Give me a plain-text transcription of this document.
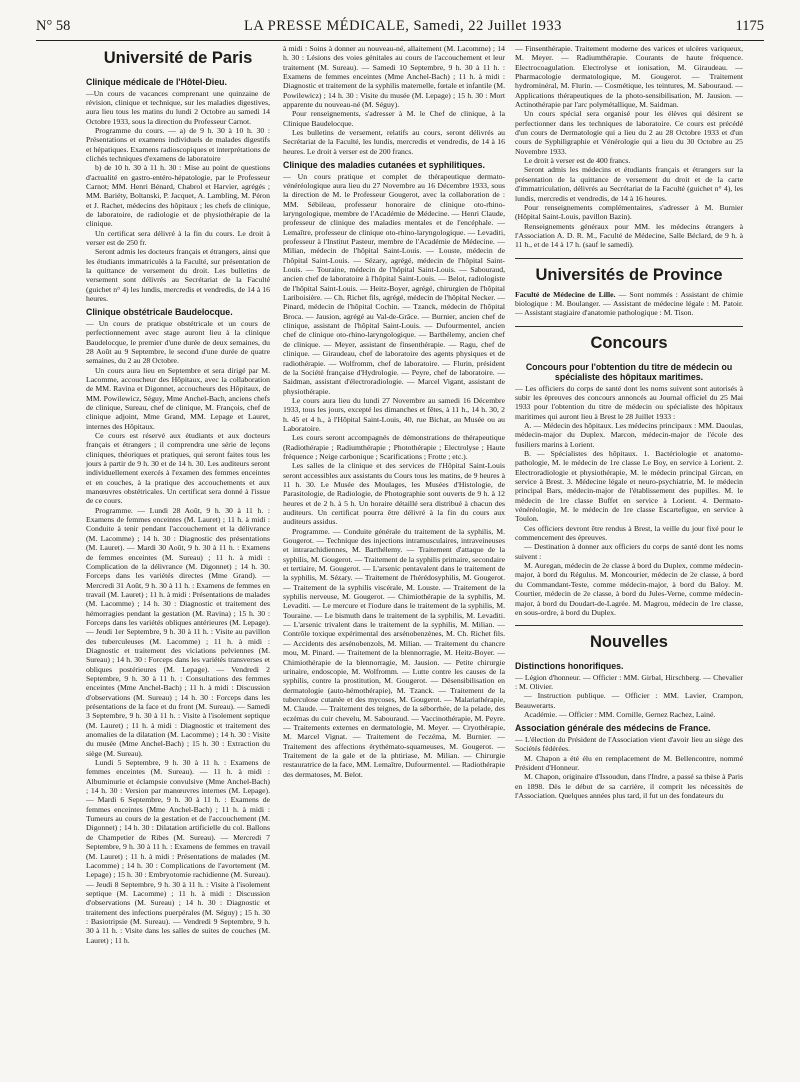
N° 58	LA PRESSE MÉDICALE, Samedi, 22 Juillet 1933	1175
Université de Paris
Clinique médicale de l'Hôtel-Dieu.

—Un cours de vacances comprenant une quinzaine de révision, clinique et technique, sur les maladies digestives, aura lieu tous les matins du lundi 2 Octobre au samedi 14 Octobre 1933, sous la direction du Professeur Carnot.

Programme du cours. — a) de 9 h. 30 à 10 h. 30 : Présentations et examens individuels de malades digestifs et hépatiques. Examens radioscopiques et interprétations de clichés techniques d'examens de laboratoire

b) de 10 h. 30 à 11 h. 30 : Mise au point de questions d'actualité en gastro-entéro-hépatologie, par le Professeur Carnot; MM. Henri Bénard, Chabrol et Harvier, agrégés ; MM. Bariéty, Boltanski, P. Jacquet, A. Lambling, M. Péron et J. Rachet, médecins des hôpitaux ; les chefs de clinique, de laboratoire, de radiologie et de physiothérapie de la clinique.

Un certificat sera délivré à la fin du cours. Le droit à verser est de 250 fr.

Seront admis les docteurs français et étrangers, ainsi que les étudiants immatriculés à la Faculté, sur présentation de la quittance de versement du droit. Les bulletins de versement sont délivrés au Secrétariat de la Faculté (guichet n° 4) les lundis, mercredis et vendredis, de 14 à 16 heures.

Clinique obstétricale Baudelocque.

— Un cours de pratique obstétricale et un cours de perfectionnement avec stage auront lieu à la clinique Baudelocque, le premier d'une durée de deux semaines, du 28 Août au 9 Septembre, le second d'une durée de quatre semaines, du 2 au 28 Octobre.

Un cours aura lieu en Septembre et sera dirigé par M. Lacomme, accoucheur des Hôpitaux, avec la collaboration de MM. Ravina et Digonnet, accoucheurs des Hôpitaux, de MM. Powilewicz, Séguy, Mme Anchel-Bach, anciens chefs de clinique, Sureau, chef de clinique, M. François, chef de clinique adjoint, Mme Grand, MM. Lepage et Lauret, internes des Hôpitaux.

Ce cours est réservé aux étudiants et aux docteurs français et étrangers ; il comprendra une série de leçons cliniques, théoriques et pratiques, qui seront faites tous les jours à partir de 9 h. 30 et de 14 h. 30. Les auditeurs seront individuellement exercés à l'examen des femmes enceintes et en couches, à la pratique des accouchements et aux manœuvres obstétricales. Un certificat sera donné à l'issue de ce cours.

Programme. — Lundi 28 Août, 9 h. 30 à 11 h. : Examens de femmes enceintes (M. Lauret) ; 11 h. à midi : Conduite à tenir pendant l'accouchement et la délivrance (M. Lacomme) ; 14 h. 30 : Diagnostic des présentations (M. Lauret). — Mardi 30 Août, 9 h. 30 à 11 h. : Examens de femmes enceintes (M. Sureau) ; 11 h. à midi : Complication de la délivrance (M. Digonnet) ; 14 h. 30. Forceps dans les variétés directes (Mme Grand). — Mercredi 31 Août, 9 h. 30 à 11 h. : Examens de femmes en travail (M. Lauret) ; 11 h. à midi : Présentations de malades (M. Lacomme) ; 14 h. 30 : Diagnostic et traitement des hémorragies pendant la gestation (M. Ravina) ; 15 h. 30 : Forceps dans les variétés obliques antérieures (M. Lepage). — Jeudi 1er Septembre, 9 h. 30 à 11 h. : Visite au pavillon des tuberculeuses (M. Lacomme) ; 11 h. à midi : Diagnostic et traitement des viciations pelviennes (M. Sureau) ; 14 h. 30 : Forceps dans les variétés transverses et obliques postérieures (M. Lepage). — Vendredi 2 Septembre, 9 h. 30 à 11 h. : Consultations des femmes enceintes (Mme Anchel-Bach) ; 11 h. à midi : Discussion d'observations (M. Sureau) ; 14 h. 30 : Forceps dans les présentations de la face et du front (M. Sureau). — Samedi 3 Septembre, 9 h. 30 à 11 h. : Visite à l'isolement septique (M. Lauret) ; 11 h. à midi : Diagnostic et traitement des anomalies de la dilatation (M. Lacomme) ; 14 h. 30 : Visite du musée (Mme Anchel-Bach) ; 15 h. 30 : Extraction du siège (M. Sureau).

Lundi 5 Septembre, 9 h. 30 à 11 h. : Examens de femmes enceintes (M. Sureau). — 11 h. à midi : Albuminurie et éclampsie convulsive (Mme Anchel-Bach) ; 14 h. 30 : Version par manœuvres internes (M. Lepage). — Mardi 6 Septembre, 9 h. 30 à 11 h. : Examens de femmes enceintes (Mme Anchel-Bach) ; 11 h. à midi : Tumeurs au cours de la gestation et de l'accouchement (M. Digonnet) ; 14 h. 30 : Dilatation artificielle du col. Ballons de Champetier de Ribes (M. Sureau). — Mercredi 7 Septembre, 9 h. 30 à 11 h. : Examens de femmes en travail (M. Lauret) ; 11 h. à midi : Présentations de malades (M. Lacomme) ; 14 h. 30 : Complications de l'avortement (M. Lepage) ; 15 h. 30 : Embryotomie rachidienne (M. Sureau). — Jeudi 8 Septembre, 9 h. 30 à 11 h. : Visite à l'isolement septique (M. Lacomme) ; 11 h. à midi : Discussion d'observations (M. Sureau) ; 14 h. 30 : Diagnostic et traitement des infections puerpérales (M. Séguy) ; 15 h. 30 : Basiotripsie (M. Sureau). — Vendredi 9 Septembre, 9 h. 30 à 11 h. : Visite dans les salles de suites de couches (M. Lauret) ; 11 h.

à midi : Soins à donner au nouveau-né, allaitement (M. Lacomme) ; 14 h. 30 : Lésions des voies génitales au cours de l'accouchement et leur traitement (M. Sureau). — Samedi 10 Septembre, 9 h. 30 à 11 h. : Examens de femmes enceintes (Mme Anchel-Bach) ; 11 h. à midi : Diagnostic et traitement de la syphilis maternelle, fœtale et infantile (M. Powilewicz) ; 14 h. 30 : Visite du musée (M. Lepage) ; 15 h. 30 : Mort apparente du nouveau-né (M. Séguy).

Pour renseignements, s'adresser à M. le Chef de clinique, à la Clinique Baudelocque.

Les bulletins de versement, relatifs au cours, seront délivrés au Secrétariat de la Faculté, les lundis, mercredis et vendredis, de 14 à 16 heures. Le droit à verser est de 200 francs.

Clinique des maladies cutanées et syphilitiques.

— Un cours pratique et complet de thérapeutique dermato-vénéréologique aura lieu du 27 Novembre au 16 Décembre 1933, sous la direction de M. le Professeur Gougerot, avec la collaboration de : MM. Sébileau, professeur honoraire de clinique oto-rhino-laryngologique, membre de l'Académie de Médecine. — Henri Claude, professeur de clinique des maladies mentales et de l'encéphale. — Lemaître, professeur de clinique oto-rhino-laryngologique. — Levaditi, professeur à l'Institut Pasteur, membre de l'Académie de Médecine. — Milian, médecin de l'hôpital Saint-Louis. — Louste, médecin de l'hôpital Saint-Louis. — Sézary, agrégé, médecin de l'hôpital Saint-Louis. — Touraine, médecin de l'hôpital Saint-Louis. — Sabouraud, ancien chef de laboratoire à l'hôpital Saint-Louis. — Belot, radiologiste de l'hôpital Saint-Louis. — Heitz-Boyer, agrégé, chirurgien de l'hôpital Lariboisière. — Ch. Richet fils, agrégé, médecin de l'hôpital Necker. — Pinard, médecin de l'hôpital Cochin. — Tzanck, médecin de l'hôpital Broca. — Jausion, agrégé au Val-de-Grâce. — Burnier, ancien chef de clinique, assistant de l'hôpital Saint-Louis. — Dufourmentel, ancien chef de clinique oto-rhino-laryngologique. — Barthélemy, ancien chef de clinique. — Meyer, assistant de finsenthérapie. — Ragu, chef de clinique. — Giraudeau, chef de laboratoire des agents physiques et de radiothérapie. — Wolfromm, chef de laboratoire. — Flurin, président de la Société française d'Hydrologie. — Peyre, chef de laboratoire. — Saidman, assistant d'électroradiologie. — Marcel Vigant, assistant de physiothérapie.

Le cours aura lieu du lundi 27 Novembre au samedi 16 Décembre 1933, tous les jours, excepté les dimanches et fêtes, à 11 h., 14 h. 30, 2 h. 45 et 4 h., à l'Hôpital Saint-Louis, 40, rue Bichat, au Musée ou au Laboratoire.

Les cours seront accompagnés de démonstrations de thérapeutique (Radiothérapie ; Radiumthérapie ; Photothérapie ; Electrolyse ; Haute fréquence ; Neige carbonique ; Scarifications ; Frotte ; etc.).

Les salles de la clinique et des services de l'Hôpital Saint-Louis seront accessibles aux assistants du Cours tous les matins, de 9 heures à 11 h. 30. Le Musée des Moulages, les Musées d'Histologie, de Parasitologie, de Radiologie, de Photographie sont ouverts de 9 h. à 12 heures et de 2 h. à 5 h. Un horaire détaillé sera distribué à chacun des auditeurs. Un certificat pourra être délivré à la fin du cours aux auditeurs assidus.

Programme. — Conduite générale du traitement de la syphilis, M. Gougerot. — Technique des injections intramusculaires, intraveineuses et intrarachidiennes, M. Barthélemy. — Traitement d'attaque de la syphilis, M. Gougerot. — Traitement de la syphilis primaire, secondaire et tertiaire, M. Gougerot. — L'arsenic pentavalent dans le traitement de la syphilis, M. Sézary. — Traitement de l'hérédosyphilis, M. Gougerot. — Traitement de la syphilis viscérale, M. Louste. — Traitement de la syphilis nerveuse, M. Gougerot. — Chimiothérapie de la syphilis, M. Levaditi. — Le mercure et l'iodure dans le traitement de la syphilis, M. Touraine. — Le bismuth dans le traitement de la syphilis, M. Levaditi. — L'arsenic trivalent dans le traitement de la syphilis, M. Milian. — Contrôle toxique expérimental des arsénobenzènes, M. Ch. Richet fils. — Accidents des arsénobenzols, M. Milian. — Traitement du chancre mou, M. Pinard. — Traitement de la blennorragie, M. Heitz-Boyer. — Chimiothérapie de la blennorragie, M. Jausion. — Petite chirurgie urinaire, endoscopie, M. Wolfromm. — Lutte contre les causes de la syphilis, contre la prostitution, M. Gougerot. — Désensibilisation en dermatologie (auto-hémothérapie), M. Tzanck. — Traitement de la tuberculose cutanée et des mycoses, M. Gougerot. — Malariathérapie, M. Claude. — Traitement des teignes, de la séborrhée, de la pelade, des eczémas du cuir chevelu, M. Sabouraud. — Vaccinothérapie, M. Peyre. — Traitements externes en dermatologie, M. Meyer. — Cryothérapie, M. Marcel Vignat. — Traitement de l'eczéma, M. Burnier. — Traitement des affections érythémato-squameuses, M. Gougerot. — Traitement de la gale et de la phtiriase, M. Milian. — Chirurgie restauratrice de la face, MM. Lemaître, Dufourmentel. — Radiothérapie des dermatoses, M. Belot.

— Finsenthérapie. Traitement moderne des varices et ulcères variqueux, M. Meyer. — Radiumthérapie. Courants de haute fréquence. Electrocoagulation. Electrolyse et ionisation, M. Giraudeau. — Pharmacologie dermatologique, M. Gougerot. — Traitement hydrominéral, M. Flurin. — Cosmétique, les teintures, M. Sabouraud. — Applications thérapeutiques de la photo-sensibilisation, M. Jausion. — Actinothérapie par l'arc polymétallique, M. Saidman.

Un cours spécial sera organisé pour les élèves qui désirent se perfectionner dans les techniques de laboratoire. Ce cours est précédé d'un cours de Dermatologie qui a lieu du 2 au 28 Octobre 1933 et d'un cours de Syphiligraphie et Vénérologie qui a lieu du 30 Octobre au 25 Novembre 1933.

Le droit à verser est de 400 francs.

Seront admis les médecins et étudiants français et étrangers sur la présentation de la quittance de versement du droit et de la carte d'immatriculation, délivrés au Secrétariat de la Faculté (guichet n° 4), les lundis, mercredis et vendredis, de 14 à 16 heures.

Pour renseignements complémentaires, s'adresser à M. Burnier (Hôpital Saint-Louis, pavillon Bazin).

Renseignements généraux pour MM. les médecins étrangers à l'Association A. D. R. M., Faculté de Médecine, Salle Béclard, de 9 h. à 11 h., et de 14 à 17 h. (sauf le samedi).

Universités de Province

Faculté de Médecine de Lille. — Sont nommés : Assistant de chimie biologique : M. Boulanger. — Assistant de médecine légale : M. Patoir. — Assistant stagiaire d'anatomie pathologique : M. Tison.

Concours
Concours pour l'obtention du titre de médecin ou spécialiste des hôpitaux maritimes.

— Les officiers du corps de santé dont les noms suivent sont autorisés à subir les épreuves des concours annoncés au Journal officiel du 25 Mai 1933 pour l'obtention du titre de médecin ou spécialiste des hôpitaux maritimes qui auront lieu à Brest le 28 Juillet 1933 :

A. — Médecin des hôpitaux. Les médecins principaux : MM. Daoulas, médecin-major du Duplex. Marcon, médecin-major de l'école des fusiliers marins à Lorient.

B. — Spécialistes des hôpitaux. 1. Bactériologie et anatomo-pathologie, M. le médecin de 1re classe Le Boy, en service à Lorient. 2. Electroradiologie et physiothérapie, M. le médecin principal Gircan, en service à Brest. 3. Médecine légale et neuro-psychiatrie, M. le médecin principal Bars, médecin-major de l'établissement des pupilles. M. le médecin de 1re classe Buffet en service à Lorient. 4. Dermato-vénéréologie, M. le médecin de 1re classe Escartefigue, en service à Toulon.

Ces officiers devront être rendus à Brest, la veille du jour fixé pour le commencement des épreuves.

— Destination à donner aux officiers du corps de santé dont les noms suivent :

M. Auregan, médecin de 2e classe à bord du Duplex, comme médecin-major, à bord du Régulus. M. Moncourier, médecin de 2e classe, à bord du Commandant-Teste, comme médecin-major, à bord du Baloy. M. Courtier, médecin de 2e classe, à bord du Jules-Verne, comme médecin-major, à bord du Doudart-de-Lagrée. M. Magrou, médecin de 1re classe, en sous-ordre, à bord du Duplex.

Nouvelles
Distinctions honorifiques.

— Légion d'honneur. — Officier : MM. Girbal, Hirschberg. — Chevalier : M. Olivier.

— Instruction publique. — Officier : MM. Lavier, Crampon, Beauwerarts.

Académie. — Officier : MM. Cornille, Gernez Rachez, Lainé.

Association générale des médecins de France.

— L'élection du Président de l'Association vient d'avoir lieu au siège des Sociétés fédérées.

M. Chapon a été élu en remplacement de M. Bellencontre, nommé Président d'Honneur.

M. Chapon, originaire d'Issoudun, dans l'Indre, a passé sa thèse à Paris en 1898. Dès le début de sa carrière, il comprit les nécessités de l'Association. Quelques années plus tard, il fut un des fondateurs du
